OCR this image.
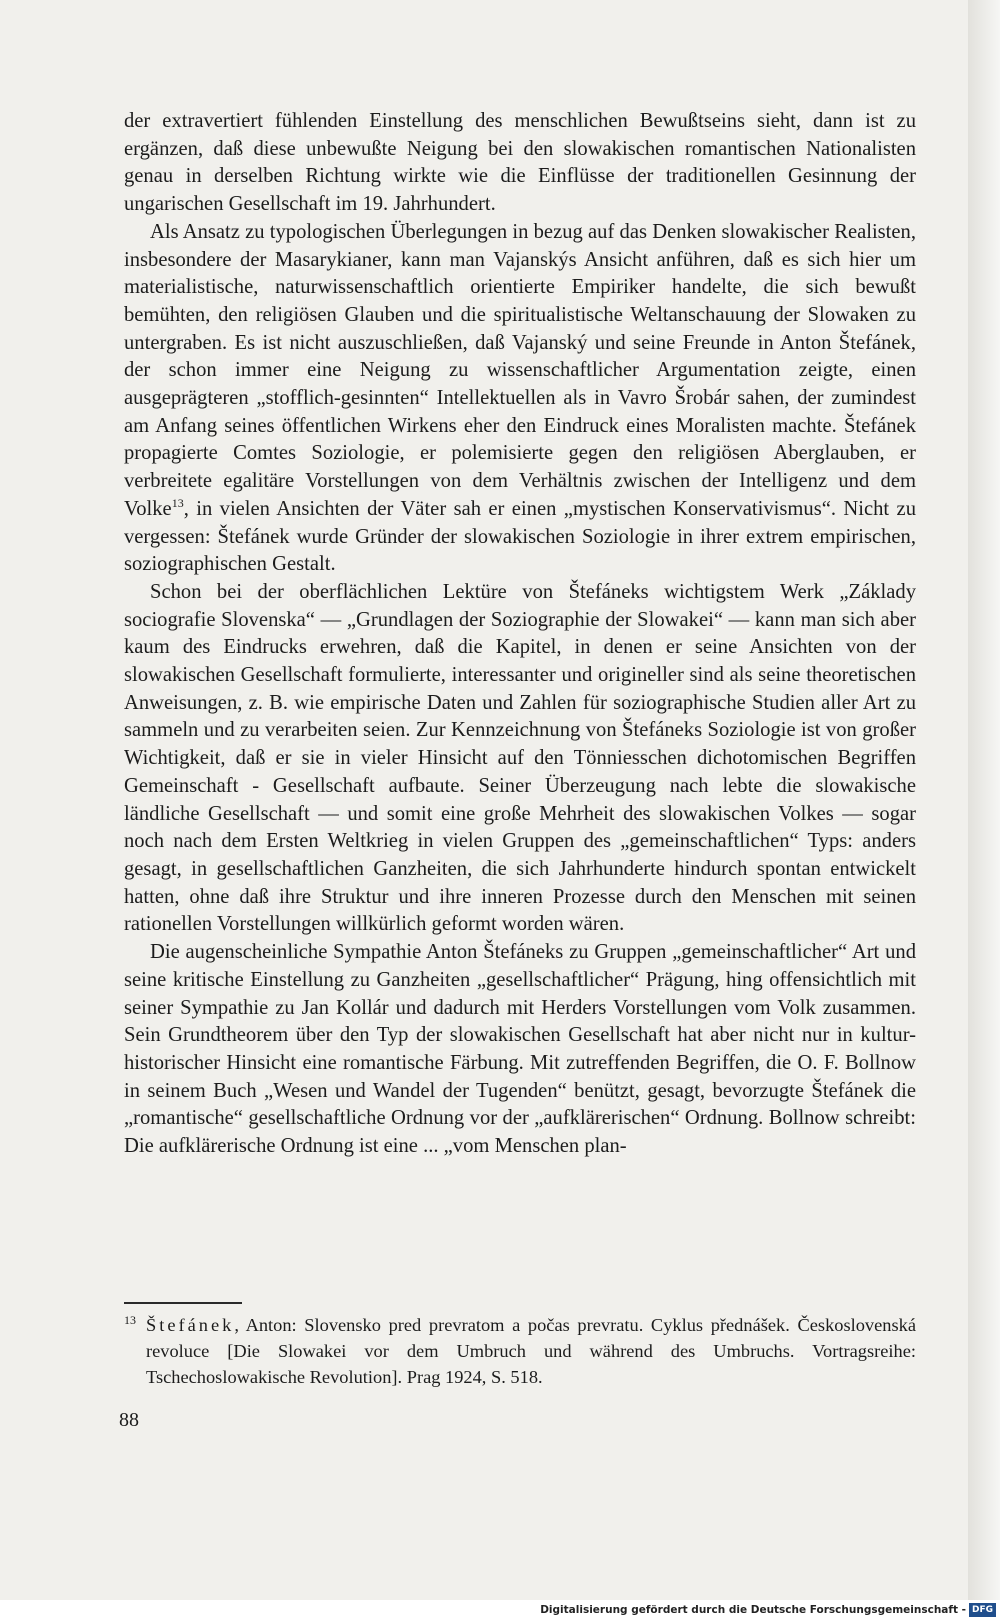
der extravertiert fühlenden Einstellung des menschlichen Bewußtseins sieht, dann ist zu ergänzen, daß diese unbewußte Neigung bei den slowakischen romantischen Nationalisten genau in derselben Richtung wirkte wie die Einflüsse der traditionellen Gesinnung der ungarischen Gesellschaft im 19. Jahrhundert.

Als Ansatz zu typologischen Überlegungen in bezug auf das Denken slowakischer Realisten, insbesondere der Masarykianer, kann man Vajanskýs Ansicht anführen, daß es sich hier um materialistische, naturwissenschaftlich orientierte Empiriker handelte, die sich bewußt bemühten, den religiösen Glauben und die spiritualistische Weltanschauung der Slowaken zu untergraben. Es ist nicht auszuschließen, daß Vajanský und seine Freunde in Anton Štefánek, der schon immer eine Neigung zu wissenschaftlicher Argumentation zeigte, einen ausgeprägteren „stofflich-gesinnten“ Intellektuellen als in Vavro Šrobár sahen, der zumindest am Anfang seines öffentlichen Wirkens eher den Eindruck eines Moralisten machte. Štefánek propagierte Comtes Soziologie, er polemisierte gegen den religiösen Aberglauben, er verbreitete egalitäre Vorstellungen von dem Verhältnis zwischen der Intelligenz und dem Volke$^{13}$, in vielen Ansichten der Väter sah er einen „mystischen Konservativismus“. Nicht zu vergessen: Štefánek wurde Gründer der slowakischen Soziologie in ihrer extrem empirischen, soziographischen Gestalt.

Schon bei der oberflächlichen Lektüre von Štefáneks wichtigstem Werk „Základy sociografie Slovenska“ — „Grundlagen der Soziographie der Slowakei“ — kann man sich aber kaum des Eindrucks erwehren, daß die Kapitel, in denen er seine Ansichten von der slowakischen Gesellschaft formulierte, interessanter und origineller sind als seine theoretischen Anweisungen, z. B. wie empirische Daten und Zahlen für soziographische Studien aller Art zu sammeln und zu verarbeiten seien. Zur Kennzeichnung von Štefáneks Soziologie ist von großer Wichtigkeit, daß er sie in vieler Hinsicht auf den Tönniesschen dichotomischen Begriffen Gemeinschaft - Gesellschaft aufbaute. Seiner Überzeugung nach lebte die slowakische ländliche Gesellschaft — und somit eine große Mehrheit des slowakischen Volkes — sogar noch nach dem Ersten Weltkrieg in vielen Gruppen des „gemeinschaftlichen“ Typs: anders gesagt, in gesellschaftlichen Ganzheiten, die sich Jahrhunderte hindurch spontan entwickelt hatten, ohne daß ihre Struktur und ihre inneren Prozesse durch den Menschen mit seinen rationellen Vorstellungen willkürlich geformt worden wären.

Die augenscheinliche Sympathie Anton Štefáneks zu Gruppen „gemeinschaftlicher“ Art und seine kritische Einstellung zu Ganzheiten „gesellschaftlicher“ Prägung, hing offensichtlich mit seiner Sympathie zu Jan Kollár und dadurch mit Herders Vorstellungen vom Volk zusammen. Sein Grundtheorem über den Typ der slowakischen Gesellschaft hat aber nicht nur in kultur-historischer Hinsicht eine romantische Färbung. Mit zutreffenden Begriffen, die O. F. Bollnow in seinem Buch „Wesen und Wandel der Tugenden“ benützt, gesagt, bevorzugte Štefánek die „romantische“ gesellschaftliche Ordnung vor der „aufklärerischen“ Ordnung. Bollnow schreibt: Die aufklärerische Ordnung ist eine ... „vom Menschen plan-

13 Štefánek, Anton: Slovensko pred prevratom a počas prevratu. Cyklus přednášek. Československá revoluce [Die Slowakei vor dem Umbruch und während des Umbruchs. Vortragsreihe: Tschechoslowakische Revolution]. Prag 1924, S. 518.

88
Digitalisierung gefördert durch die Deutsche Forschungsgemeinschaft - DFG
